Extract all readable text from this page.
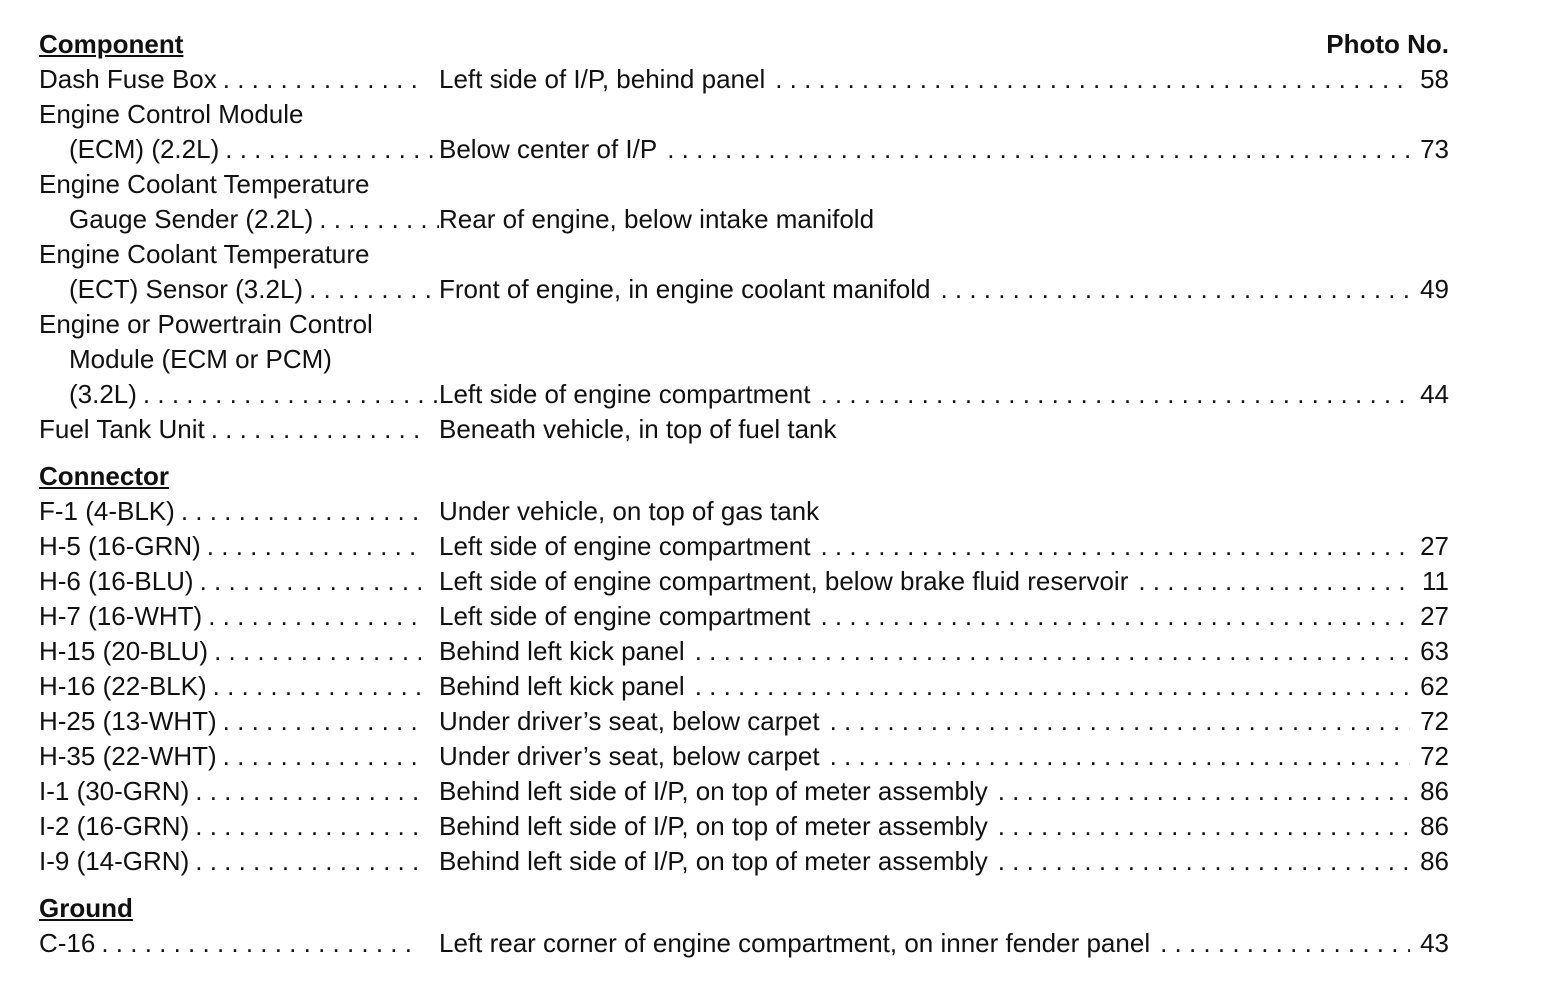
Component	Photo No.
Dash Fuse Box . . .	Left side of I/P, behind panel . . .	58
Engine Control Module
(ECM) (2.2L) . . .	Below center of I/P . . .	73
Engine Coolant Temperature
Gauge Sender (2.2L) . . .	Rear of engine, below intake manifold
Engine Coolant Temperature
(ECT) Sensor (3.2L) . . .	Front of engine, in engine coolant manifold . . .	49
Engine or Powertrain Control
Module (ECM or PCM)
(3.2L) . . .	Left side of engine compartment . . .	44
Fuel Tank Unit . . .	Beneath vehicle, in top of fuel tank
Connector
F-1 (4-BLK) . . .	Under vehicle, on top of gas tank
H-5 (16-GRN) . . .	Left side of engine compartment . . .	27
H-6 (16-BLU) . . .	Left side of engine compartment, below brake fluid reservoir . . .	11
H-7 (16-WHT) . . .	Left side of engine compartment . . .	27
H-15 (20-BLU) . . .	Behind left kick panel . . .	63
H-16 (22-BLK) . . .	Behind left kick panel . . .	62
H-25 (13-WHT) . . .	Under driver’s seat, below carpet . . .	72
H-35 (22-WHT) . . .	Under driver’s seat, below carpet . . .	72
I-1 (30-GRN) . . .	Behind left side of I/P, on top of meter assembly . . .	86
I-2 (16-GRN) . . .	Behind left side of I/P, on top of meter assembly . . .	86
I-9 (14-GRN) . . .	Behind left side of I/P, on top of meter assembly . . .	86
Ground
C-16 . . .	Left rear corner of engine compartment, on inner fender panel . . .	43
